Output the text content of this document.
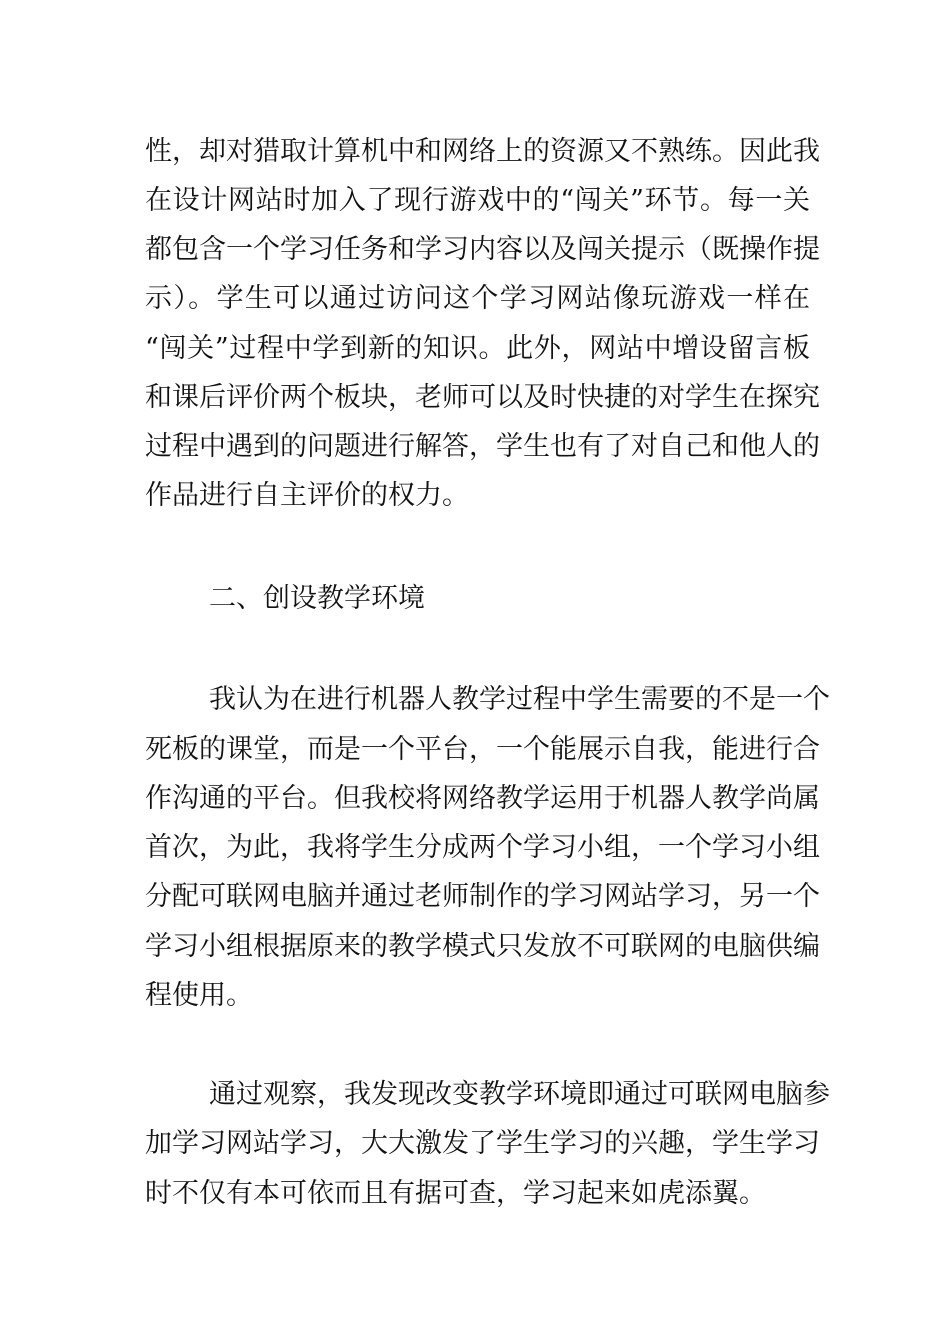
性，却对猎取计算机中和网络上的资源又不熟练。因此我
在设计网站时加入了现行游戏中的“闯关”环节。每一关
都包含一个学习任务和学习内容以及闯关提示（既操作提
示）。学生可以通过访问这个学习网站像玩游戏一样在
“闯关”过程中学到新的知识。此外，网站中增设留言板
和课后评价两个板块，老师可以及时快捷的对学生在探究
过程中遇到的问题进行解答，学生也有了对自己和他人的
作品进行自主评价的权力。
二、创设教学环境
我认为在进行机器人教学过程中学生需要的不是一个
死板的课堂，而是一个平台，一个能展示自我，能进行合
作沟通的平台。但我校将网络教学运用于机器人教学尚属
首次，为此，我将学生分成两个学习小组，一个学习小组
分配可联网电脑并通过老师制作的学习网站学习，另一个
学习小组根据原来的教学模式只发放不可联网的电脑供编
程使用。
通过观察，我发现改变教学环境即通过可联网电脑参
加学习网站学习，大大激发了学生学习的兴趣，学生学习
时不仅有本可依而且有据可查，学习起来如虎添翼。
